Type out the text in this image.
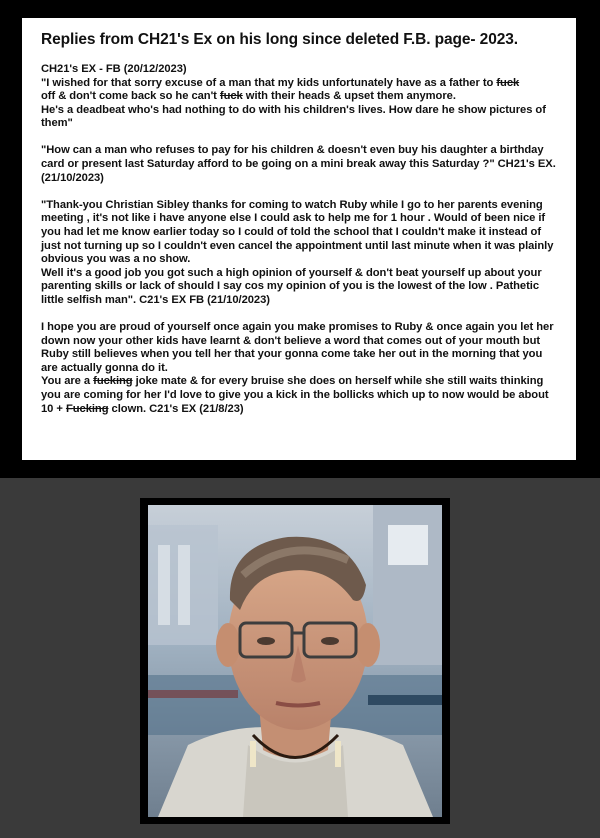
Replies from CH21's Ex on his long since deleted F.B. page- 2023.
CH21's EX - FB (20/12/2023)
"I wished for that sorry excuse of a man that my kids unfortunately have as a father to fuck
off & don't come back so he can't fuck with their heads & upset them anymore.
He's a deadbeat who's had nothing to do with his children's lives. How dare he show pictures of them"
"How can a man who refuses to pay for his children & doesn't even buy his daughter a birthday card or present last Saturday afford to be going on a mini break away this Saturday ?" CH21's EX. (21/10/2023)
"Thank-you Christian Sibley thanks for coming to watch Ruby while I go to her parents evening meeting , it's not like i have anyone else I could ask to help me for 1 hour . Would of been nice if you had let me know earlier today so I could of told the school that I couldn't make it instead of just not turning up so I couldn't even cancel the appointment until last minute when it was plainly obvious you was a no show.
Well it's a good job you got such a high opinion of yourself & don't beat yourself up about your parenting skills or lack of should I say cos my opinion of you is the lowest of the low . Pathetic little selfish man". C21's EX FB (21/10/2023)
I hope you are proud of yourself once again you make promises to Ruby & once again you let her down now your other kids have learnt & don't believe a word that comes out of your mouth but Ruby still believes when you tell her that your gonna come take her out in the morning that you are actually gonna do it.
You are a fucking joke mate & for every bruise she does on herself while she still waits thinking you are coming for her I'd love to give you a kick in the bollicks which up to now would be about 10 + Fucking clown. C21's EX (21/8/23)
